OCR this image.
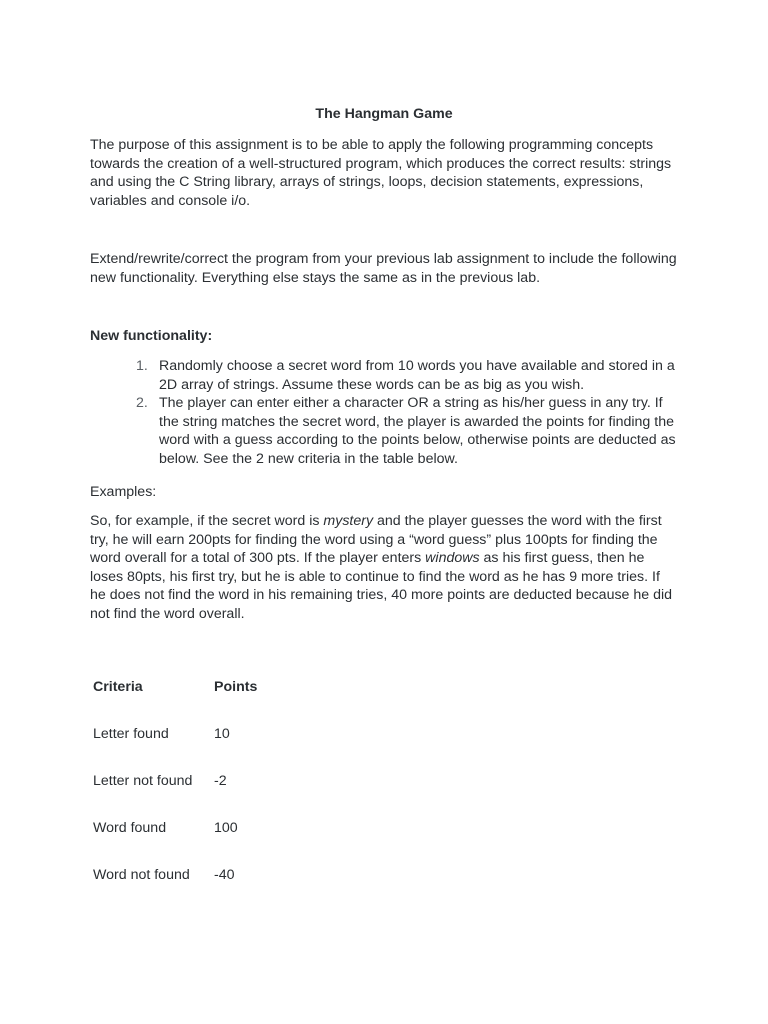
The Hangman Game

The purpose of this assignment is to be able to apply the following programming concepts towards the creation of a well-structured program, which produces the correct results: strings and using the C String library, arrays of strings, loops, decision statements, expressions, variables and console i/o.

Extend/rewrite/correct the program from your previous lab assignment to include the following new functionality. Everything else stays the same as in the previous lab.

New functionality:
1. Randomly choose a secret word from 10 words you have available and stored in a 2D array of strings. Assume these words can be as big as you wish.
2. The player can enter either a character OR a string as his/her guess in any try. If the string matches the secret word, the player is awarded the points for finding the word with a guess according to the points below, otherwise points are deducted as below. See the 2 new criteria in the table below.

Examples:

So, for example, if the secret word is mystery and the player guesses the word with the first try, he will earn 200pts for finding the word using a “word guess” plus 100pts for finding the word overall for a total of 300 pts. If the player enters windows as his first guess, then he loses 80pts, his first try, but he is able to continue to find the word as he has 9 more tries. If he does not find the word in his remaining tries, 40 more points are deducted because he did not find the word overall.

Criteria	Points
Letter found	10
Letter not found -2
Word found	100
Word not found -40
